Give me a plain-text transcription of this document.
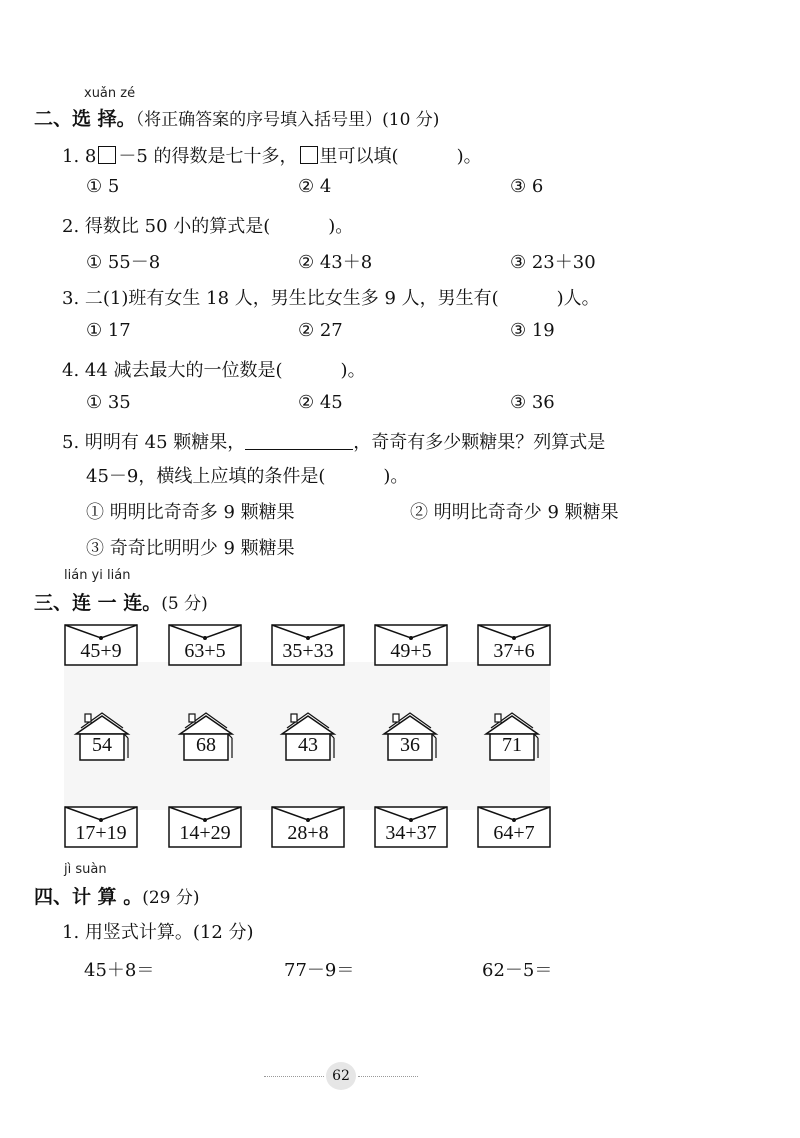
xuǎn zé
二、选 择。（将正确答案的序号填入括号里）(10 分)
1. 8 －5 的得数是七十多， 里可以填(	)。
① 5	② 4	③ 6
2. 得数比 50 小的算式是(	)。
① 55－8	② 43＋8	③ 23＋30
3. 二(1)班有女生 18 人，男生比女生多 9 人，男生有(	)人。
① 17	② 27	③ 19
4. 44 减去最大的一位数是(	)。
① 35	② 45	③ 36
5. 明明有 45 颗糖果，	，奇奇有多少颗糖果？列算式是
45－9，横线上应填的条件是(	)。
① 明明比奇奇多 9 颗糖果	② 明明比奇奇少 9 颗糖果
③ 奇奇比明明少 9 颗糖果
lián yi lián
三、连 一 连。(5 分)
45+9	63+5	35+33	49+5	37+6
54	68	43	36	71
17+19	14+29	28+8	34+37	64+7
jì suàn
四、计 算 。(29 分)
1. 用竖式计算。(12 分)
45＋8＝	77－9＝	62－5＝
62
